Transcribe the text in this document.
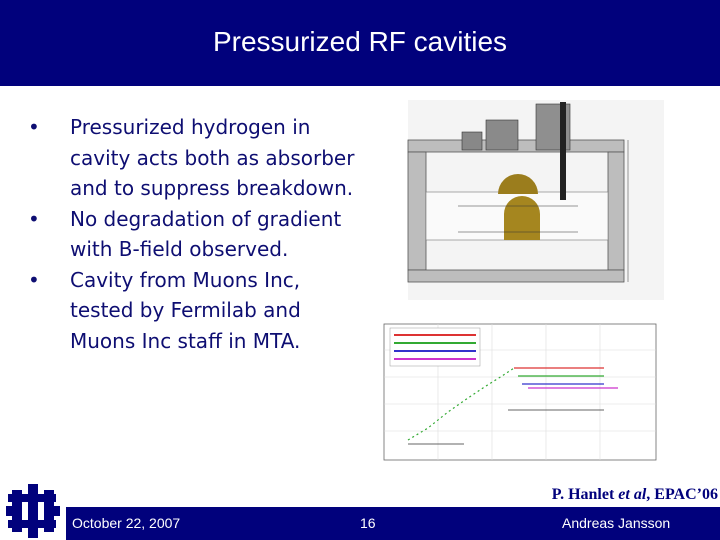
Pressurized RF cavities
• Pressurized hydrogen in cavity acts both as absorber and to suppress breakdown.
• No degradation of gradient with B-field observed.
• Cavity from Muons Inc, tested by Fermilab and Muons Inc staff in MTA.
P. Hanlet et al, EPAC’06
October 22, 2007	16	Andreas Jansson
